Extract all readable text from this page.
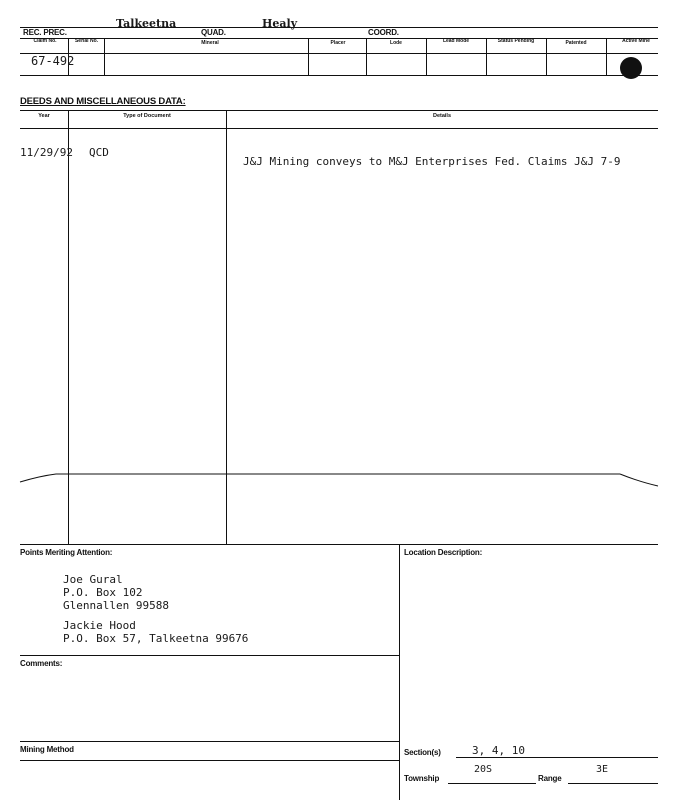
REC. PREC.
Talkeetna
QUAD.
Healy
COORD.
Claim No.	Serial No.	Mineral	Placer	Lode	Lead Mode	Status Pending	Patented	Active Mine
67-492
DEEDS AND MISCELLANEOUS DATA:
Year	Type of Document	Details
11/29/92 QCD
J&J Mining conveys to M&J Enterprises Fed. Claims J&J 7-9
Points Meriting Attention:	Location Description:
Joe Gural
P.O. Box 102
Glennallen 99588
Jackie Hood
P.O. Box 57, Talkeetna 99676
Comments:
Mining Method	Section(s)	3, 4, 10
Township
20S
Range
3E
